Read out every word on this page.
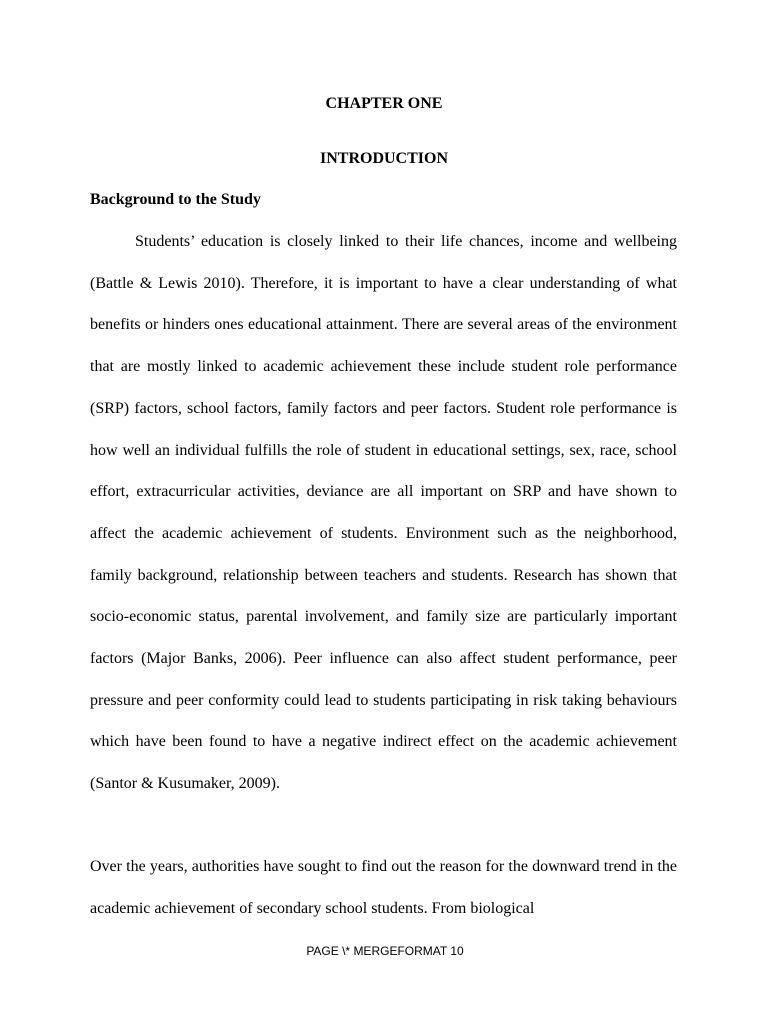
CHAPTER ONE
INTRODUCTION
Background to the Study

Students’ education is closely linked to their life chances, income and wellbeing (Battle & Lewis 2010). Therefore, it is important to have a clear understanding of what benefits or hinders ones educational attainment. There are several areas of the environment that are mostly linked to academic achievement these include student role performance (SRP) factors, school factors, family factors and peer factors. Student role performance is how well an individual fulfills the role of student in educational settings, sex, race, school effort, extracurricular activities, deviance are all important on SRP and have shown to affect the academic achievement of students. Environment such as the neighborhood, family background, relationship between teachers and students. Research has shown that socio-economic status, parental involvement, and family size are particularly important factors (Major Banks, 2006). Peer influence can also affect student performance, peer pressure and peer conformity could lead to students participating in risk taking behaviours which have been found to have a negative indirect effect on the academic achievement (Santor & Kusumaker, 2009).

Over the years, authorities have sought to find out the reason for the downward trend in the academic achievement of secondary school students. From biological

PAGE \* MERGEFORMAT 10
